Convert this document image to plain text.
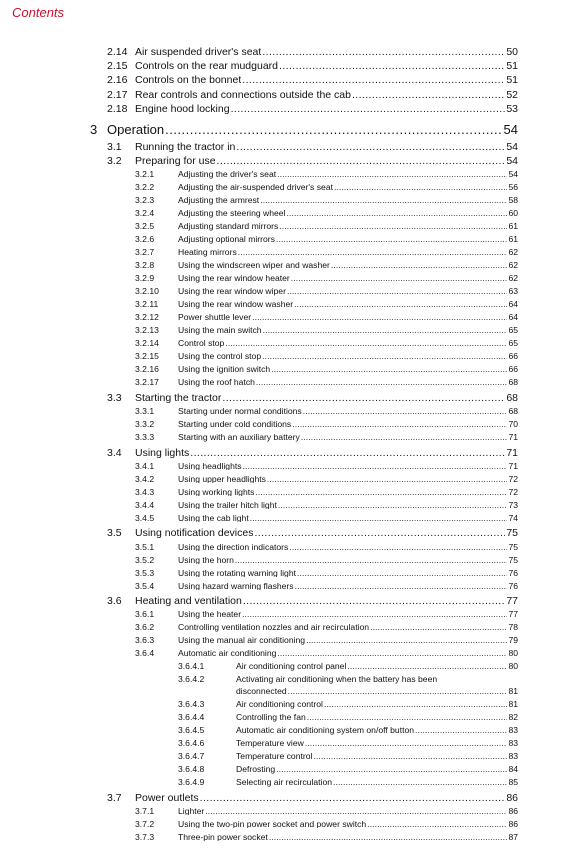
Contents
2.14 Air suspended driver's seat .....	50
2.15 Controls on the rear mudguard .....	51
2.16 Controls on the bonnet .....	51
2.17 Rear controls and connections outside the cab .....	52
2.18 Engine hood locking .....	53
3 Operation .....	54
3.1 Running the tractor in .....	54
3.2 Preparing for use .....	54
3.2.1	Adjusting the driver's seat .....	54
3.2.2	Adjusting the air-suspended driver's seat .....	56
3.2.3	Adjusting the armrest .....	58
3.2.4	Adjusting the steering wheel .....	60
3.2.5	Adjusting standard mirrors .....	61
3.2.6	Adjusting optional mirrors .....	61
3.2.7	Heating mirrors .....	62
3.2.8	Using the windscreen wiper and washer .....	62
3.2.9	Using the rear window heater .....	62
3.2.10 Using the rear window wiper .....	63
3.2.11 Using the rear window washer .....	64
3.2.12 Power shuttle lever .....	64
3.2.13 Using the main switch .....	65
3.2.14 Control stop .....	65
3.2.15 Using the control stop .....	66
3.2.16 Using the ignition switch .....	66
3.2.17 Using the roof hatch .....	68
3.3 Starting the tractor .....	68
3.3.1	Starting under normal conditions .....	68
3.3.2	Starting under cold conditions .....	70
3.3.3	Starting with an auxiliary battery .....	71
3.4 Using lights .....	71
3.4.1	Using headlights .....	71
3.4.2	Using upper headlights .....	72
3.4.3	Using working lights .....	72
3.4.4	Using the trailer hitch light .....	73
3.4.5	Using the cab light .....	74
3.5 Using notification devices .....	75
3.5.1	Using the direction indicators .....	75
3.5.2	Using the horn .....	75
3.5.3	Using the rotating warning light .....	76
3.5.4	Using hazard warning flashers .....	76
3.6 Heating and ventilation .....	77
3.6.1	Using the heater .....	77
3.6.2	Controlling ventilation nozzles and air recirculation .....	78
3.6.3	Using the manual air conditioning .....	79
3.6.4	Automatic air conditioning .....	80
3.6.4.1	Air conditioning control panel .....	80
3.6.4.2	Activating air conditioning when the battery has been
disconnected .....	81
3.6.4.3	Air conditioning control .....	81
3.6.4.4	Controlling the fan .....	82
3.6.4.5	Automatic air conditioning system on/off button .....	83
3.6.4.6	Temperature view .....	83
3.6.4.7	Temperature control .....	83
3.6.4.8	Defrosting .....	84
3.6.4.9	Selecting air recirculation .....	85
3.7 Power outlets .....	86
3.7.1	Lighter .....	86
3.7.2	Using the two-pin power socket and power switch .....	86
3.7.3	Three-pin power socket .....	87
